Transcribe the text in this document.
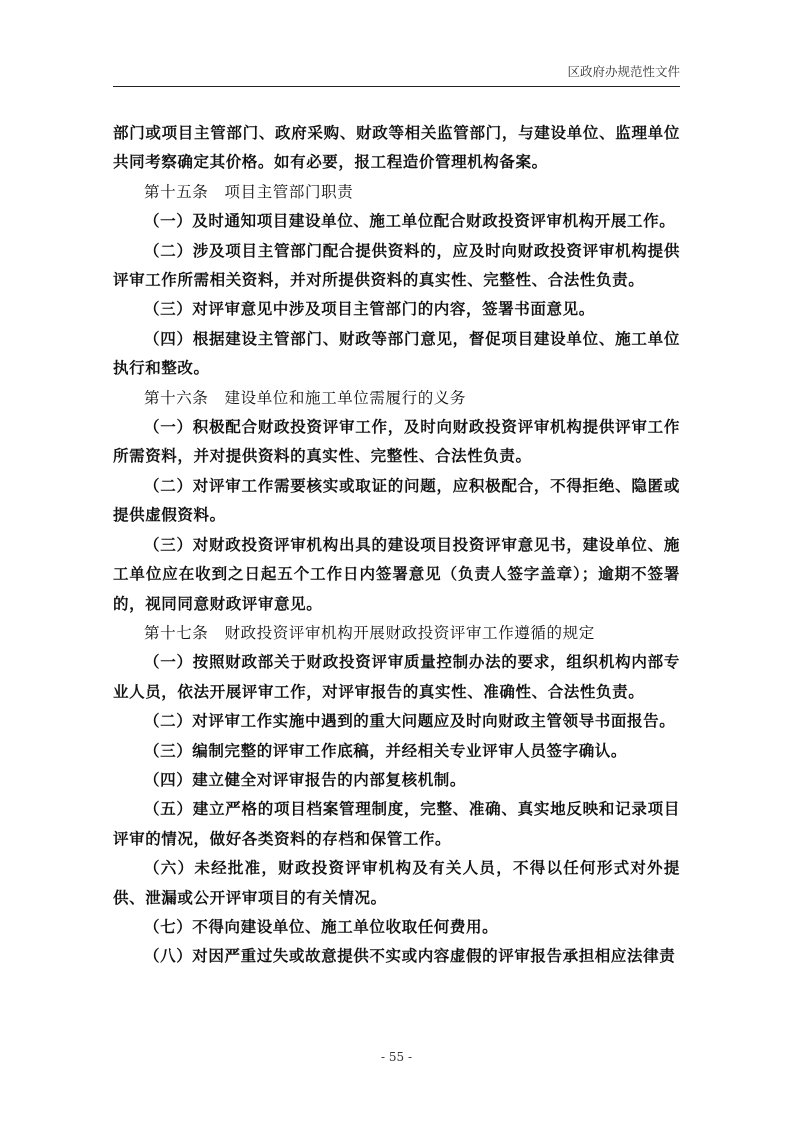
区政府办规范性文件

部门或项目主管部门、政府采购、财政等相关监管部门，与建设单位、监理单位共同考察确定其价格。如有必要，报工程造价管理机构备案。

第十五条　项目主管部门职责

（一）及时通知项目建设单位、施工单位配合财政投资评审机构开展工作。

（二）涉及项目主管部门配合提供资料的，应及时向财政投资评审机构提供评审工作所需相关资料，并对所提供资料的真实性、完整性、合法性负责。

（三）对评审意见中涉及项目主管部门的内容，签署书面意见。

（四）根据建设主管部门、财政等部门意见，督促项目建设单位、施工单位执行和整改。

第十六条　建设单位和施工单位需履行的义务

（一）积极配合财政投资评审工作，及时向财政投资评审机构提供评审工作所需资料，并对提供资料的真实性、完整性、合法性负责。

（二）对评审工作需要核实或取证的问题，应积极配合，不得拒绝、隐匿或提供虚假资料。

（三）对财政投资评审机构出具的建设项目投资评审意见书，建设单位、施工单位应在收到之日起五个工作日内签署意见（负责人签字盖章）；逾期不签署的，视同同意财政评审意见。

第十七条　财政投资评审机构开展财政投资评审工作遵循的规定

（一）按照财政部关于财政投资评审质量控制办法的要求，组织机构内部专业人员，依法开展评审工作，对评审报告的真实性、准确性、合法性负责。

（二）对评审工作实施中遇到的重大问题应及时向财政主管领导书面报告。

（三）编制完整的评审工作底稿，并经相关专业评审人员签字确认。

（四）建立健全对评审报告的内部复核机制。

（五）建立严格的项目档案管理制度，完整、准确、真实地反映和记录项目评审的情况，做好各类资料的存档和保管工作。

（六）未经批准，财政投资评审机构及有关人员，不得以任何形式对外提供、泄漏或公开评审项目的有关情况。

（七）不得向建设单位、施工单位收取任何费用。

（八）对因严重过失或故意提供不实或内容虚假的评审报告承担相应法律责

- 55 -
